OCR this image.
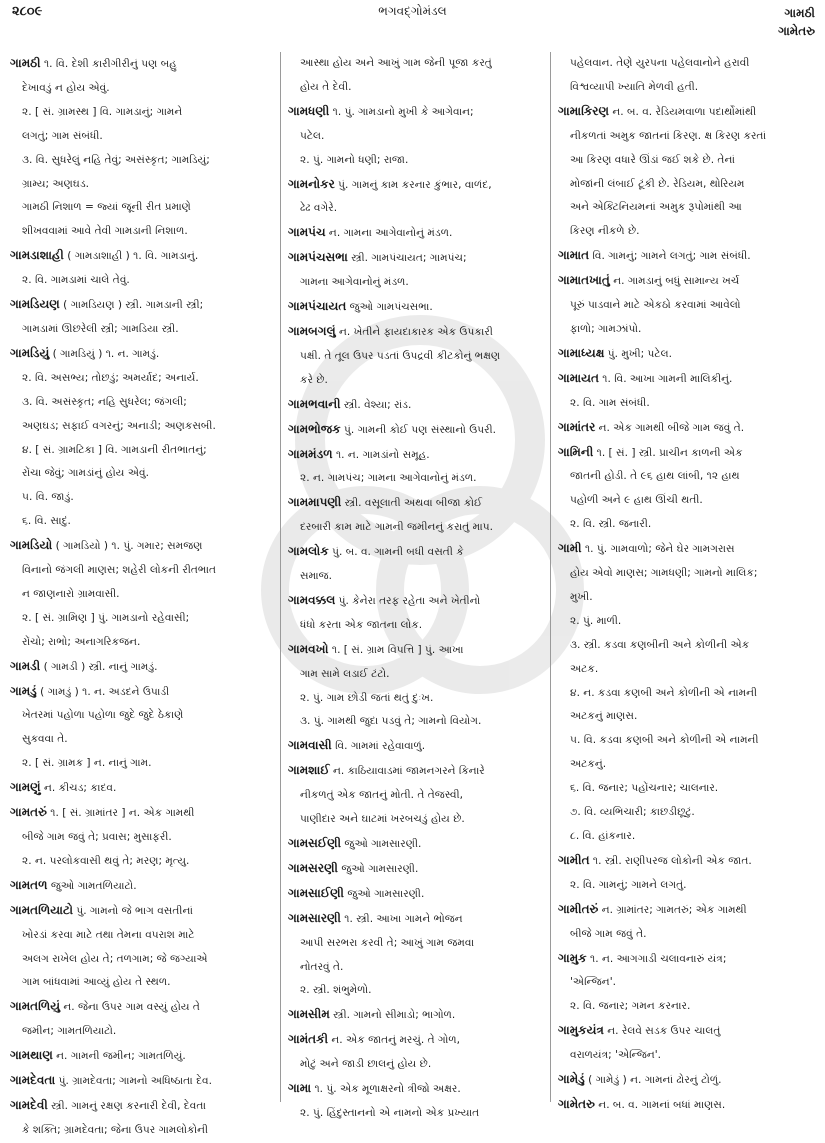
૨૮૦૯	ભગવદ્ગોમંડલ	ગામઠી
ગામેતરુ
ગામઠી ૧. વિ. દેશી કારીગીરીનું પણ બહુ
દેખાવડું ન હોય એવું.
૨. [ સં. ગ્રામસ્થ ] વિ. ગામડાનું; ગામને
લગતું; ગામ સંબંધી.
૩. વિ. સુધરેલું નહિ તેવું; અસંસ્કૃત; ગામડિયું;
ગ્રામ્ય; અણઘડ.
ગામઠી નિશાળ = જ્યાં જૂની રીત પ્રમાણે
શીખવવામાં આવે તેવી ગામડાની નિશાળ.
ગામડાશાહી ( ગામડાશાહી ) ૧. વિ. ગામડાનું.
૨. વિ. ગામડામાં ચાલે તેવું.
ગામડિયણ ( ગામડિયણ ) સ્ત્રી. ગામડાની સ્ત્રી;
ગામડામાં ઊછરેલી સ્ત્રી; ગામડિયા સ્ત્રી.
ગામડિયું ( ગામડિયું ) ૧. ન. ગામડું.
૨. વિ. અસભ્ય; તોછડું; અમર્યાદ; અનાર્ય.
૩. વિ. અસંસ્કૃત; નહિ સુધરેલ; જંગલી;
અણઘડ; સફાઈ વગરનું; અનાડી; અણકસબી.
૪. [ સં. ગ્રામટિકા ] વિ. ગામડાની રીતભાતનું;
રોંચા જેવું; ગામડાંનું હોય એવું.
૫. વિ. જાડું.
૬. વિ. સાદું.
ગામડિયો ( ગામડિયો ) ૧. પું. ગમાર; સમજણ
વિનાનો જંગલી માણસ; શહેરી લોકની રીતભાત
ન જાણનારો ગ્રામવાસી.
૨. [ સં. ગ્રામિણ ] પું. ગામડાનો રહેવાસી;
રોંચો; રાભો; અનાગરિકજન.
ગામડી ( ગામડી ) સ્ત્રી. નાનું ગામડું.
ગામડું ( ગામડું ) ૧. ન. અડદને ઉપાડી
ખેતરમાં પહોળા પહોળા જુદે જુદે ઠેકાણે
સુકવવા તે.
૨. [ સં. ગ્રામક ] ન. નાનું ગામ.
ગામણું ન. કીચડ; કાદવ.
ગામતરું ૧. [ સં. ગ્રામાંતર ] ન. એક ગામથી
બીજે ગામ જવું તે; પ્રવાસ; મુસાફરી.
૨. ન. પરલોકવાસી થવું તે; મરણ; મૃત્યુ.
ગામતળ જુઓ ગામતળિયાટો.
ગામતળિયાટો પું. ગામનો જે ભાગ વસતીનાં
ખોરડાં કરવા માટે તથા તેમના વપરાશ માટે
અલગ રાખેલ હોય તે; તળગામ; જે જગ્યાએ
ગામ બાંધવામાં આવ્યું હોય તે સ્થળ.
ગામતળિયું ન. જેના ઉપર ગામ વસ્યું હોય તે
જમીન; ગામતળિયાટો.
ગામથાણ ન. ગામની જમીન; ગામતળિયું.
ગામદેવતા પું. ગ્રામદેવતા; ગામનો અધિષ્ઠાતા દેવ.
ગામદેવી સ્ત્રી. ગામનું રક્ષણ કરનારી દેવી, દેવતા
કે શક્તિ; ગ્રામદેવતા; જેના ઉપર ગામલોકોની
આસ્થા હોય અને આખું ગામ જેની પૂજા કરતું
હોય તે દેવી.
ગામધણી ૧. પું. ગામડાનો મુખી કે આગેવાન;
પટેલ.
૨. પું. ગામનો ધણી; રાજા.
ગામનોકર પું. ગામનું કામ કરનાર કુંભાર, વાળંદ,
ઢેઢ વગેરે.
ગામપંચ ન. ગામના આગેવાનોનું મંડળ.
ગામપંચસભા સ્ત્રી. ગામપંચાયત; ગામપંચ;
ગામના આગેવાનોનું મંડળ.
ગામપંચાયત જુઓ ગામપંચસભા.
ગામબગલું ન. ખેતીને ફાયદાકારક એક ઉપકારી
પક્ષી. તે તૂલ ઉપર પડતાં ઉપદ્રવી કીટકોનું ભક્ષણ
કરે છે.
ગામભવાની સ્ત્રી. વેશ્યા; રાંડ.
ગામભોજક પું. ગામની કોઈ પણ સંસ્થાનો ઉપરી.
ગામમંડળ ૧. ન. ગામડાંનો સમૂહ.
૨. ન. ગામપંચ; ગામના આગેવાનોનું મંડળ.
ગામમાપણી સ્ત્રી. વસૂલાતી અથવા બીજા કોઈ
દરબારી કામ માટે ગામની જમીનનું કરાતું માપ.
ગામલોક પું. બ. વ. ગામની બધી વસતી કે
સમાજ.
ગામવક્કલ પું. કેનેરા તરફ રહેતા અને ખેતીનો
ધંધો કરતા એક જાતના લોક.
ગામવખો ૧. [ સં. ગ્રામ વિપત્તિ ] પું. આખા
ગામ સામે લડાઈ ટંટો.
૨. પું. ગામ છોડી જતાં થતું દુઃખ.
૩. પું. ગામથી જુદા પડવું તે; ગામનો વિયોગ.
ગામવાસી વિ. ગામમાં રહેવાવાળું.
ગામશાઈ ન. કાઠિયાવાડમાં જામનગરને કિનારે
નીકળતું એક જાતનું મોતી. તે તેજસ્વી,
પાણીદાર અને ઘાટમાં ખરબચડું હોય છે.
ગામસઈણી જુઓ ગામસારણી.
ગામસરણી જુઓ ગામસારણી.
ગામસાઈણી જુઓ ગામસારણી.
ગામસારણી ૧. સ્ત્રી. આખા ગામને ભોજન
આપી સરભરા કરવી તે; આખું ગામ જમવા
નોતરવું તે.
૨. સ્ત્રી. શંભુમેળો.
ગામસીમ સ્ત્રી. ગામનો સીમાડો; ભાગોળ.
ગામંતકી ન. એક જાતનું મરચું. તે ગોળ,
મોટું અને જાડી છાલનું હોય છે.
ગામા ૧. પું. એક મૂળાક્ષરનો ત્રીજો અક્ષર.
૨. પું. હિંદુસ્તાનનો એ નામનો એક પ્રખ્યાત
પહેલવાન. તેણે યુરપના પહેલવાનોને હરાવી
વિશ્વવ્યાપી ખ્યાતિ મેળવી હતી.
ગામાકિરણ ન. બ. વ. રેડિયમવાળા પદાર્થોમાંથી
નીકળતાં અમુક જાતનાં કિરણ. ક્ષ કિરણ કરતાં
આ કિરણ વધારે ઊંડાં જઈ શકે છે. તેનાં
મોજાંની લંબાઈ ટૂંકી છે. રેડિયમ, થોરિયમ
અને એક્ટિનિયમનાં અમુક રૂપોમાંથી આ
કિરણ નીકળે છે.
ગામાત વિ. ગામનું; ગામને લગતું; ગામ સંબંધી.
ગામાતખાતું ન. ગામડાનું બધું સામાન્ય ખર્ચ
પૂરું પાડવાને માટે એકઠો કરવામાં આવેલો
ફાળો; ગામઝાંપો.
ગામાધ્યક્ષ પું. મુખી; પટેલ.
ગામાયત ૧. વિ. આખા ગામની માલિકીનું.
૨. વિ. ગામ સંબંધી.
ગામાંતર ન. એક ગામથી બીજે ગામ જવું તે.
ગામિની ૧. [ સં. ] સ્ત્રી. પ્રાચીન કાળની એક
જાતની હોડી. તે ૯૬ હાથ લાંબી, ૧૨ હાથ
પહોળી અને ૯ હાથ ઊંચી થતી.
૨. વિ. સ્ત્રી. જનારી.
ગામી ૧. પું. ગામવાળો; જેને ઘેર ગામગરાસ
હોય એવો માણસ; ગામધણી; ગામનો માલિક;
મુખી.
૨. પું. માળી.
૩. સ્ત્રી. કડવા કણબીની અને કોળીની એક
અટક.
૪. ન. કડવા કણબી અને કોળીની એ નામની
અટકનું માણસ.
૫. વિ. કડવા કણબી અને કોળીની એ નામની
અટકનું.
૬. વિ. જનાર; પહોંચનાર; ચાલનાર.
૭. વિ. વ્યભિચારી; કાછડીછૂટું.
૮. વિ. હાંકનાર.
ગામીત ૧. સ્ત્રી. રાણીપરજ લોકોની એક જાત.
૨. વિ. ગામનું; ગામને લગતું.
ગામીતરું ન. ગ્રામાંતર; ગામતરું; એક ગામથી
બીજે ગામ જવું તે.
ગામુક ૧. ન. આગગાડી ચલાવનારું યંત્ર;
'એન્જિન'.
૨. વિ. જનાર; ગમન કરનાર.
ગામુકયંત્ર ન. રેલવે સડક ઉપર ચાલતું
વરાળયંત્ર; 'એન્જિન'.
ગામેડું ( ગામેડું ) ન. ગામનાં ઢોરનું ટોળું.
ગામેતરુ ન. બ. વ. ગામનાં બધાં માણસ.
